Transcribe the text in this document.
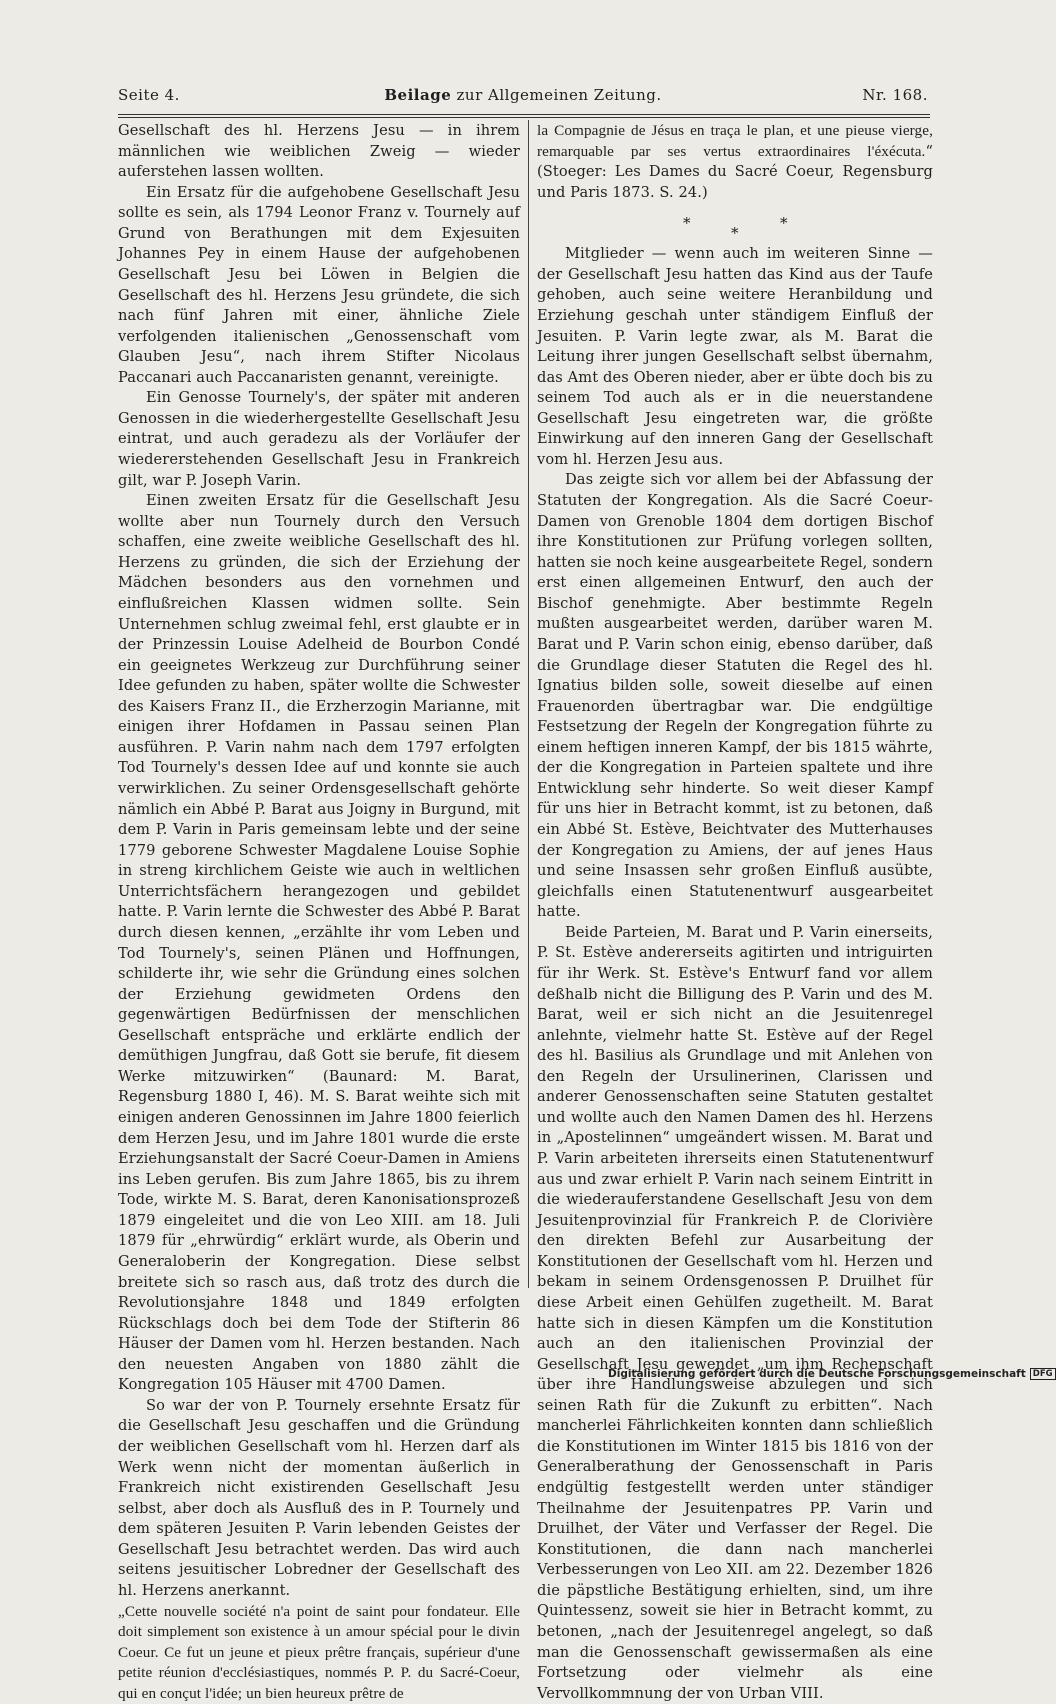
Seite 4.	Beilage zur Allgemeinen Zeitung.	Nr. 168.

Gesellschaft des hl. Herzens Jesu — in ihrem männlichen wie weiblichen Zweig — wieder auferstehen lassen wollten.

Ein Ersatz für die aufgehobene Gesellschaft Jesu sollte es sein, als 1794 Leonor Franz v. Tournely auf Grund von Berathungen mit dem Exjesuiten Johannes Pey in einem Hause der aufgehobenen Gesellschaft Jesu bei Löwen in Belgien die Gesellschaft des hl. Herzens Jesu gründete, die sich nach fünf Jahren mit einer, ähnliche Ziele verfolgenden italienischen „Genossenschaft vom Glauben Jesu“, nach ihrem Stifter Nicolaus Paccanari auch Paccanaristen genannt, vereinigte.

Ein Genosse Tournely's, der später mit anderen Genossen in die wiederhergestellte Gesellschaft Jesu eintrat, und auch geradezu als der Vorläufer der wiedererstehenden Gesellschaft Jesu in Frankreich gilt, war P. Joseph Varin.

Einen zweiten Ersatz für die Gesellschaft Jesu wollte aber nun Tournely durch den Versuch schaffen, eine zweite weibliche Gesellschaft des hl. Herzens zu gründen, die sich der Erziehung der Mädchen besonders aus den vornehmen und einflußreichen Klassen widmen sollte. Sein Unternehmen schlug zweimal fehl, erst glaubte er in der Prinzessin Louise Adelheid de Bourbon Condé ein geeignetes Werkzeug zur Durchführung seiner Idee gefunden zu haben, später wollte die Schwester des Kaisers Franz II., die Erzherzogin Marianne, mit einigen ihrer Hofdamen in Passau seinen Plan ausführen. P. Varin nahm nach dem 1797 erfolgten Tod Tournely's dessen Idee auf und konnte sie auch verwirklichen. Zu seiner Ordensgesellschaft gehörte nämlich ein Abbé P. Barat aus Joigny in Burgund, mit dem P. Varin in Paris gemeinsam lebte und der seine 1779 geborene Schwester Magdalene Louise Sophie in streng kirchlichem Geiste wie auch in weltlichen Unterrichtsfächern herangezogen und gebildet hatte. P. Varin lernte die Schwester des Abbé P. Barat durch diesen kennen, „erzählte ihr vom Leben und Tod Tournely's, seinen Plänen und Hoffnungen, schilderte ihr, wie sehr die Gründung eines solchen der Erziehung gewidmeten Ordens den gegenwärtigen Bedürfnissen der menschlichen Gesellschaft entspräche und erklärte endlich der demüthigen Jungfrau, daß Gott sie berufe, fit diesem Werke mitzuwirken“ (Baunard: M. Barat, Regensburg 1880 I, 46). M. S. Barat weihte sich mit einigen anderen Genossinnen im Jahre 1800 feierlich dem Herzen Jesu, und im Jahre 1801 wurde die erste Erziehungsanstalt der Sacré Coeur-Damen in Amiens ins Leben gerufen. Bis zum Jahre 1865, bis zu ihrem Tode, wirkte M. S. Barat, deren Kanonisationsprozeß 1879 eingeleitet und die von Leo XIII. am 18. Juli 1879 für „ehrwürdig“ erklärt wurde, als Oberin und Generaloberin der Kongregation. Diese selbst breitete sich so rasch aus, daß trotz des durch die Revolutionsjahre 1848 und 1849 erfolgten Rückschlags doch bei dem Tode der Stifterin 86 Häuser der Damen vom hl. Herzen bestanden. Nach den neuesten Angaben von 1880 zählt die Kongregation 105 Häuser mit 4700 Damen.

So war der von P. Tournely ersehnte Ersatz für die Gesellschaft Jesu geschaffen und die Gründung der weiblichen Gesellschaft vom hl. Herzen darf als Werk wenn nicht der momentan äußerlich in Frankreich nicht existirenden Gesellschaft Jesu selbst, aber doch als Ausfluß des in P. Tournely und dem späteren Jesuiten P. Varin lebenden Geistes der Gesellschaft Jesu betrachtet werden. Das wird auch seitens jesuitischer Lobredner der Gesellschaft des hl. Herzens anerkannt.

„Cette nouvelle société n'a point de saint pour fondateur. Elle doit simplement son existence à un amour spécial pour le divin Coeur. Ce fut un jeune et pieux prêtre français, supérieur d'une petite réunion d'ecclésiastiques, nommés P. P. du Sacré-Coeur, qui en conçut l'idée; un bien heureux prêtre de

la Compagnie de Jésus en traça le plan, et une pieuse vierge, remarquable par ses vertus extraordinaires l'éxécuta.“ (Stoeger: Les Dames du Sacré Coeur, Regensburg und Paris 1873. S. 24.)

*
*
*

Mitglieder — wenn auch im weiteren Sinne — der Gesellschaft Jesu hatten das Kind aus der Taufe gehoben, auch seine weitere Heranbildung und Erziehung geschah unter ständigem Einfluß der Jesuiten. P. Varin legte zwar, als M. Barat die Leitung ihrer jungen Gesellschaft selbst übernahm, das Amt des Oberen nieder, aber er übte doch bis zu seinem Tod auch als er in die neuerstandene Gesellschaft Jesu eingetreten war, die größte Einwirkung auf den inneren Gang der Gesellschaft vom hl. Herzen Jesu aus.

Das zeigte sich vor allem bei der Abfassung der Statuten der Kongregation. Als die Sacré Coeur-Damen von Grenoble 1804 dem dortigen Bischof ihre Konstitutionen zur Prüfung vorlegen sollten, hatten sie noch keine ausgearbeitete Regel, sondern erst einen allgemeinen Entwurf, den auch der Bischof genehmigte. Aber bestimmte Regeln mußten ausgearbeitet werden, darüber waren M. Barat und P. Varin schon einig, ebenso darüber, daß die Grundlage dieser Statuten die Regel des hl. Ignatius bilden solle, soweit dieselbe auf einen Frauenorden übertragbar war. Die endgültige Festsetzung der Regeln der Kongregation führte zu einem heftigen inneren Kampf, der bis 1815 währte, der die Kongregation in Parteien spaltete und ihre Entwicklung sehr hinderte. So weit dieser Kampf für uns hier in Betracht kommt, ist zu betonen, daß ein Abbé St. Estève, Beichtvater des Mutterhauses der Kongregation zu Amiens, der auf jenes Haus und seine Insassen sehr großen Einfluß ausübte, gleichfalls einen Statutenentwurf ausgearbeitet hatte.

Beide Parteien, M. Barat und P. Varin einerseits, P. St. Estève andererseits agitirten und intriguirten für ihr Werk. St. Estève's Entwurf fand vor allem deßhalb nicht die Billigung des P. Varin und des M. Barat, weil er sich nicht an die Jesuitenregel anlehnte, vielmehr hatte St. Estève auf der Regel des hl. Basilius als Grundlage und mit Anlehen von den Regeln der Ursulinerinen, Clarissen und anderer Genossenschaften seine Statuten gestaltet und wollte auch den Namen Damen des hl. Herzens in „Apostelinnen“ umgeändert wissen. M. Barat und P. Varin arbeiteten ihrerseits einen Statutenentwurf aus und zwar erhielt P. Varin nach seinem Eintritt in die wiederauferstandene Gesellschaft Jesu von dem Jesuitenprovinzial für Frankreich P. de Clorivière den direkten Befehl zur Ausarbeitung der Konstitutionen der Gesellschaft vom hl. Herzen und bekam in seinem Ordensgenossen P. Druilhet für diese Arbeit einen Gehülfen zugetheilt. M. Barat hatte sich in diesen Kämpfen um die Konstitution auch an den italienischen Provinzial der Gesellschaft Jesu gewendet „um ihm Rechenschaft über ihre Handlungsweise abzulegen und sich seinen Rath für die Zukunft zu erbitten“. Nach mancherlei Fährlichkeiten konnten dann schließlich die Konstitutionen im Winter 1815 bis 1816 von der Generalberathung der Genossenschaft in Paris endgültig festgestellt werden unter ständiger Theilnahme der Jesuitenpatres PP. Varin und Druilhet, der Väter und Verfasser der Regel. Die Konstitutionen, die dann nach mancherlei Verbesserungen von Leo XII. am 22. Dezember 1826 die päpstliche Bestätigung erhielten, sind, um ihre Quintessenz, soweit sie hier in Betracht kommt, zu betonen, „nach der Jesuitenregel angelegt, so daß man die Genossenschaft gewissermaßen als eine Fortsetzung oder vielmehr als eine Vervollkommnung der von Urban VIII.

Digitalisierung gefördert durch die Deutsche Forschungsgemeinschaft DFG
